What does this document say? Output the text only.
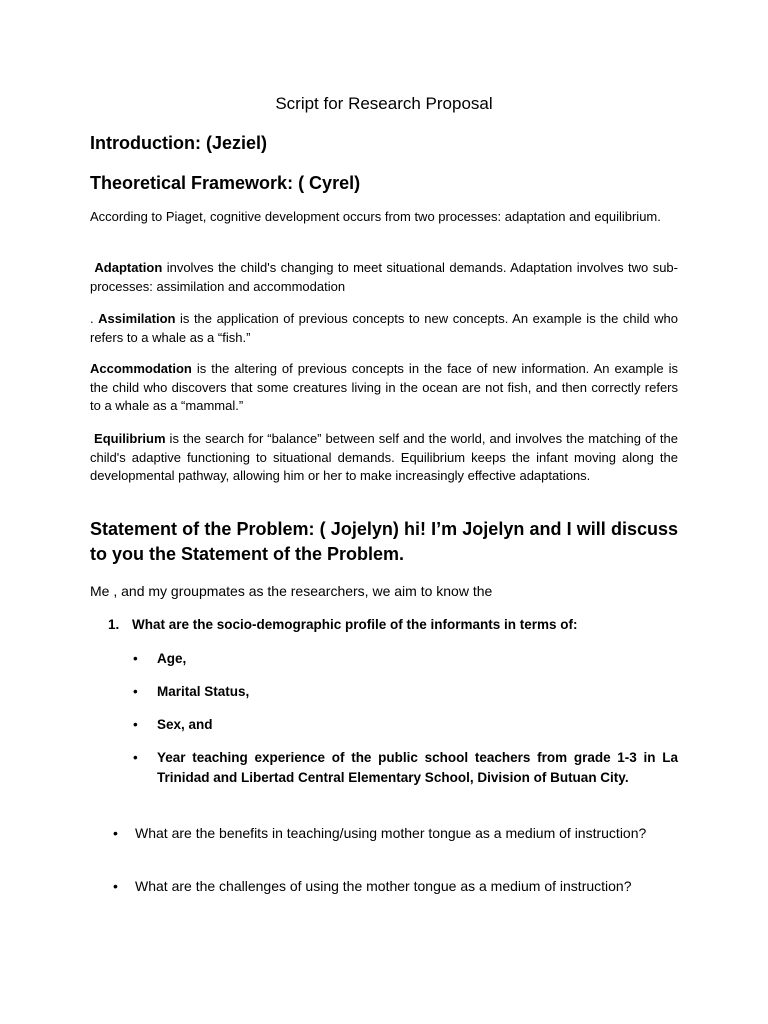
Script for Research Proposal
Introduction: (Jeziel)
Theoretical Framework: ( Cyrel)
According to Piaget, cognitive development occurs from two processes: adaptation and equilibrium.
Adaptation involves the child's changing to meet situational demands. Adaptation involves two sub-processes: assimilation and accommodation
. Assimilation is the application of previous concepts to new concepts. An example is the child who refers to a whale as a “fish.”
Accommodation is the altering of previous concepts in the face of new information. An example is the child who discovers that some creatures living in the ocean are not fish, and then correctly refers to a whale as a “mammal.”
Equilibrium is the search for “balance” between self and the world, and involves the matching of the child's adaptive functioning to situational demands. Equilibrium keeps the infant moving along the developmental pathway, allowing him or her to make increasingly effective adaptations.
Statement of the Problem: ( Jojelyn) hi! I’m Jojelyn and I will discuss to you the Statement of the Problem.
Me , and my groupmates as the researchers, we aim to know the
1. What are the socio-demographic profile of the informants in terms of:
• Age,
• Marital Status,
• Sex, and
• Year teaching experience of the public school teachers from grade 1-3 in La Trinidad and Libertad Central Elementary School, Division of Butuan City.
• What are the benefits in teaching/using mother tongue as a medium of instruction?
• What are the challenges of using the mother tongue as a medium of instruction?
